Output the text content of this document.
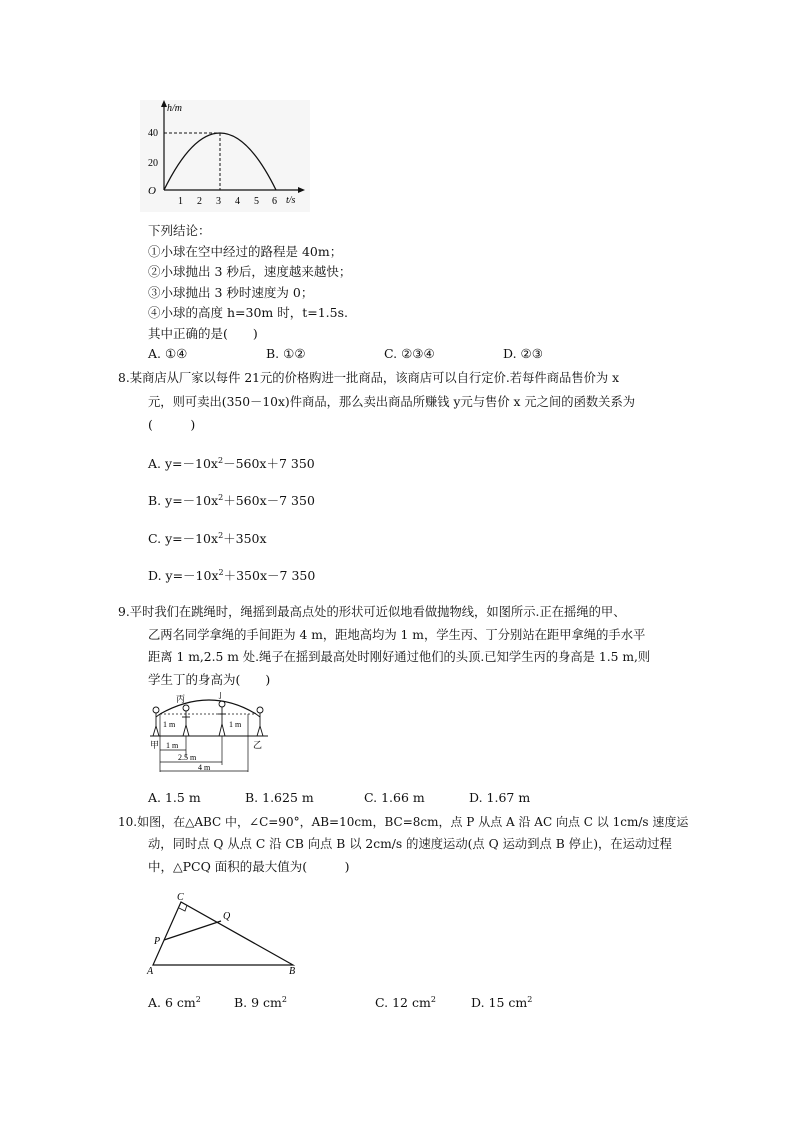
h/m
t/s
O
40
20
1 2 3 4 5 6
下列结论：
①小球在空中经过的路程是 40m；
②小球抛出 3 秒后，速度越来越快；
③小球抛出 3 秒时速度为 0；
④小球的高度 h=30m 时，t=1.5s.
其中正确的是(　　)
A. ①④	B. ①②	C. ②③④	D. ②③
8.某商店从厂家以每件 21元的价格购进一批商品，该商店可以自行定价.若每件商品售价为 x
元，则可卖出(350－10x)件商品，那么卖出商品所赚钱 y元与售价 x 元之间的函数关系为
(　　　)
A. $y=-10x^2-560x+7$ 350
B. $y=-10x^2+560x-7$ 350
C. $y=-10x^2+350x$
D. $y=-10x^2+350x-7$ 350
9.平时我们在跳绳时，绳摇到最高点处的形状可近似地看做抛物线，如图所示.正在摇绳的甲、
乙两名同学拿绳的手间距为 4 m，距地高均为 1 m，学生丙、丁分别站在距甲拿绳的手水平
距离 1 m,2.5 m 处.绳子在摇到最高处时刚好通过他们的头顶.已知学生丙的身高是 1.5 m,则
学生丁的身高为(　　)
丙	丁
甲	乙
1 m	1 m
1 m
2.5 m
4 m
A. 1.5 m	B. 1.625 m	C. 1.66 m	D. 1.67 m
10.如图，在△ABC 中，∠C=90°，AB=10cm，BC=8cm，点 P 从点 A 沿 AC 向点 C 以 1cm/s 速度运
动，同时点 Q 从点 C 沿 CB 向点 B 以 2cm/s 的速度运动(点 Q 运动到点 B 停止)，在运动过程
中，△PCQ 面积的最大值为(　　　)
C
Q
P
A	B
A. 6 $cm^2$	B. 9 $cm^2$	C. 12 $cm^2$	D. 15 $cm^2$
